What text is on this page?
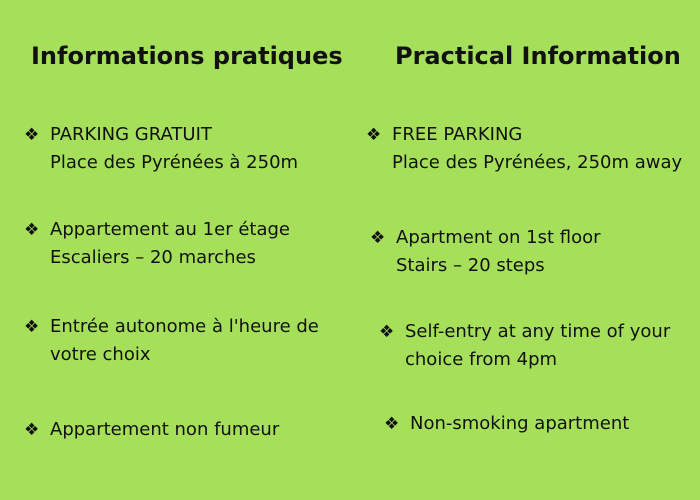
Informations pratiques Practical Information
❖ PARKING GRATUIT
Place des Pyrénées à 250m
❖ Appartement au 1er étage
Escaliers – 20 marches
❖ Entrée autonome à l'heure de
votre choix
❖ Appartement non fumeur
❖ FREE PARKING
Place des Pyrénées, 250m away
❖ Apartment on 1st floor
Stairs – 20 steps
❖ Self-entry at any time of your
choice from 4pm
❖ Non-smoking apartment
